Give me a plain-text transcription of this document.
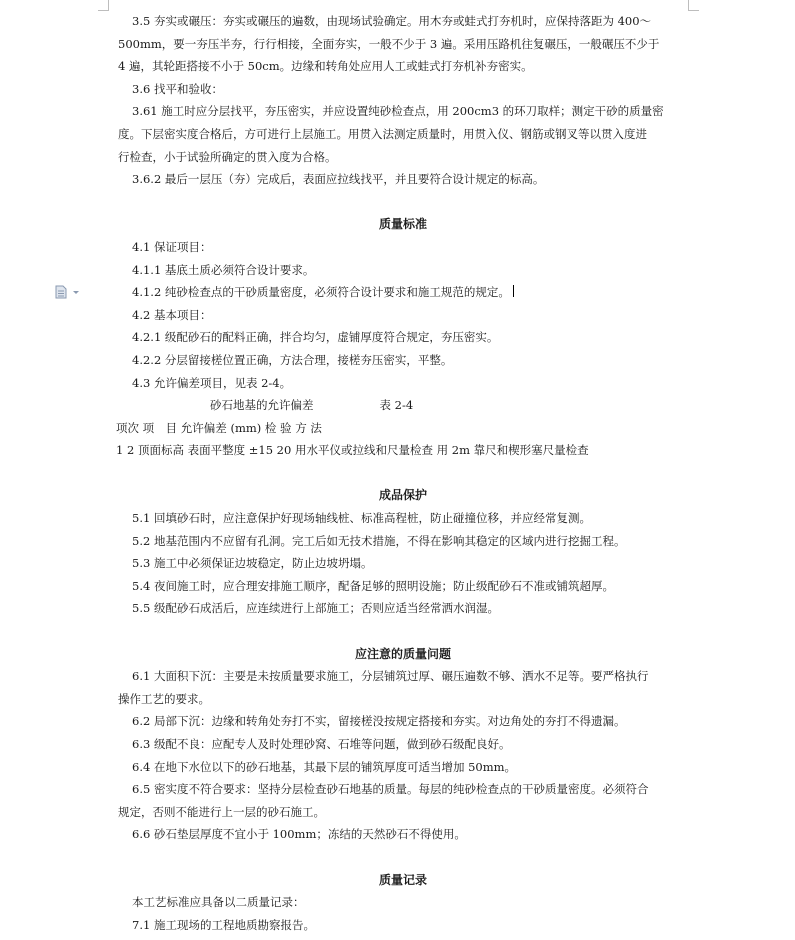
3.5 夯实或碾压：夯实或碾压的遍数，由现场试验确定。用木夯或蛙式打夯机时，应保持落距为 400～
500mm，要一夯压半夯，行行相接，全面夯实，一般不少于 3 遍。采用压路机往复碾压，一般碾压不少于
4 遍，其轮距搭接不小于 50cm。边缘和转角处应用人工或蛙式打夯机补夯密实。
3.6 找平和验收：
3.61 施工时应分层找平，夯压密实，并应设置纯砂检查点，用 200cm3 的环刀取样；测定干砂的质量密
度。下层密实度合格后，方可进行上层施工。用贯入法测定质量时，用贯入仪、钢筋或钢叉等以贯入度进
行检查，小于试验所确定的贯入度为合格。
3.6.2 最后一层压（夯）完成后，表面应拉线找平，并且要符合设计规定的标高。
质量标准
4.1 保证项目：
4.1.1 基底土质必须符合设计要求。
4.1.2 纯砂检查点的干砂质量密度，必须符合设计要求和施工规范的规定。
4.2 基本项目：
4.2.1 级配砂石的配料正确，拌合均匀，虚铺厚度符合规定，夯压密实。
4.2.2 分层留接槎位置正确，方法合理，接槎夯压密实，平整。
4.3 允许偏差项目，见表 2-4。
砂石地基的允许偏差	表 2-4
项次 项　目 允许偏差 (mm) 检 验 方 法
1 2 顶面标高 表面平整度 ±15 20 用水平仪或拉线和尺量检查 用 2m 靠尺和楔形塞尺量检查
成品保护
5.1 回填砂石时，应注意保护好现场轴线桩、标准高程桩，防止碰撞位移，并应经常复测。
5.2 地基范围内不应留有孔洞。完工后如无技术措施，不得在影响其稳定的区域内进行挖掘工程。
5.3 施工中必须保证边坡稳定，防止边坡坍塌。
5.4 夜间施工时，应合理安排施工顺序，配备足够的照明设施；防止级配砂石不准或铺筑超厚。
5.5 级配砂石成活后，应连续进行上部施工；否则应适当经常洒水润湿。
应注意的质量问题
6.1 大面积下沉：主要是未按质量要求施工，分层铺筑过厚、碾压遍数不够、洒水不足等。要严格执行
操作工艺的要求。
6.2 局部下沉：边缘和转角处夯打不实，留接槎没按规定搭接和夯实。对边角处的夯打不得遗漏。
6.3 级配不良：应配专人及时处理砂窝、石堆等问题，做到砂石级配良好。
6.4 在地下水位以下的砂石地基，其最下层的铺筑厚度可适当增加 50mm。
6.5 密实度不符合要求：坚持分层检查砂石地基的质量。每层的纯砂检查点的干砂质量密度。必须符合
规定，否则不能进行上一层的砂石施工。
6.6 砂石垫层厚度不宜小于 100mm；冻结的天然砂石不得使用。
质量记录
本工艺标准应具备以二质量记录：
7.1 施工现场的工程地质勘察报告。
